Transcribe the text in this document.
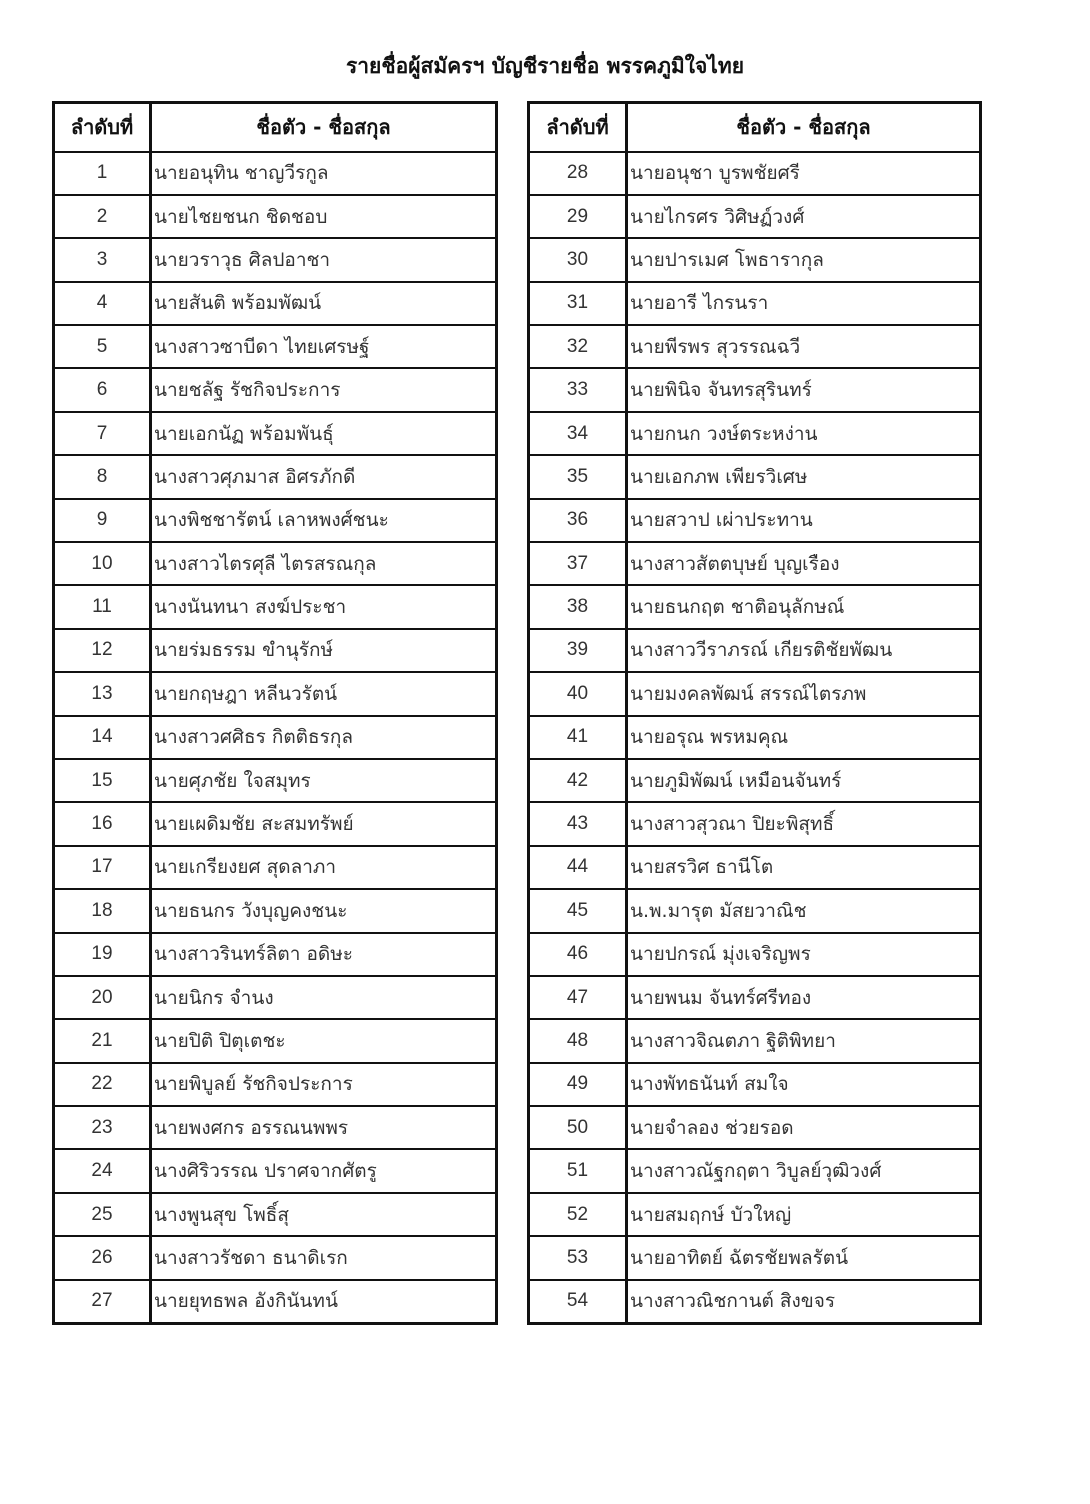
รายชื่อผู้สมัครฯ บัญชีรายชื่อ พรรคภูมิใจไทย
ลำดับที่	ชื่อตัว - ชื่อสกุล
1	นายอนุทิน ชาญวีรกูล
2	นายไชยชนก ชิดชอบ
3	นายวราวุธ ศิลปอาชา
4	นายสันติ พร้อมพัฒน์
5	นางสาวซาบีดา ไทยเศรษฐ์
6	นายชลัฐ รัชกิจประการ
7	นายเอกนัฏ พร้อมพันธุ์
8	นางสาวศุภมาส อิศรภักดี
9	นางพิชชารัตน์ เลาหพงศ์ชนะ
10	นางสาวไตรศุลี ไตรสรณกุล
11	นางนันทนา สงฆ์ประชา
12	นายร่มธรรม ขำนุรักษ์
13	นายกฤษฎา หลีนวรัตน์
14	นางสาวศศิธร กิตติธรกุล
15	นายศุภชัย ใจสมุทร
16	นายเผดิมชัย สะสมทรัพย์
17	นายเกรียงยศ สุดลาภา
18	นายธนกร วังบุญคงชนะ
19	นางสาวรินทร์ลิตา อดิษะ
20	นายนิกร จำนง
21	นายปิติ ปิตุเตชะ
22	นายพิบูลย์ รัชกิจประการ
23	นายพงศกร อรรณนพพร
24	นางศิริวรรณ ปราศจากศัตรู
25	นางพูนสุข โพธิ์สุ
26	นางสาวรัชดา ธนาดิเรก
27	นายยุทธพล อังกินันทน์
ลำดับที่	ชื่อตัว - ชื่อสกุล
28	นายอนุชา บูรพชัยศรี
29	นายไกรศร วิศิษฏ์วงศ์
30	นายปารเมศ โพธารากุล
31	นายอารี ไกรนรา
32	นายพีรพร สุวรรณฉวี
33	นายพินิจ จันทรสุรินทร์
34	นายกนก วงษ์ตระหง่าน
35	นายเอกภพ เพียรวิเศษ
36	นายสวาป เผ่าประทาน
37	นางสาวสัตตบุษย์ บุญเรือง
38	นายธนกฤต ชาติอนุลักษณ์
39	นางสาววีราภรณ์ เกียรติชัยพัฒน
40	นายมงคลพัฒน์ สรรณ์ไตรภพ
41	นายอรุณ พรหมคุณ
42	นายภูมิพัฒน์ เหมือนจันทร์
43	นางสาวสุวณา ปิยะพิสุทธิ์
44	นายสรวิศ ธานีโต
45	น.พ.มารุต มัสยวาณิช
46	นายปกรณ์ มุ่งเจริญพร
47	นายพนม จันทร์ศรีทอง
48	นางสาวจิณตภา ฐิติพิทยา
49	นางพัทธนันท์ สมใจ
50	นายจำลอง ช่วยรอด
51	นางสาวณัฐกฤตา วิบูลย์วุฒิวงศ์
52	นายสมฤกษ์ บัวใหญ่
53	นายอาทิตย์ ฉัตรชัยพลรัตน์
54	นางสาวณิชกานต์ สิงขจร
